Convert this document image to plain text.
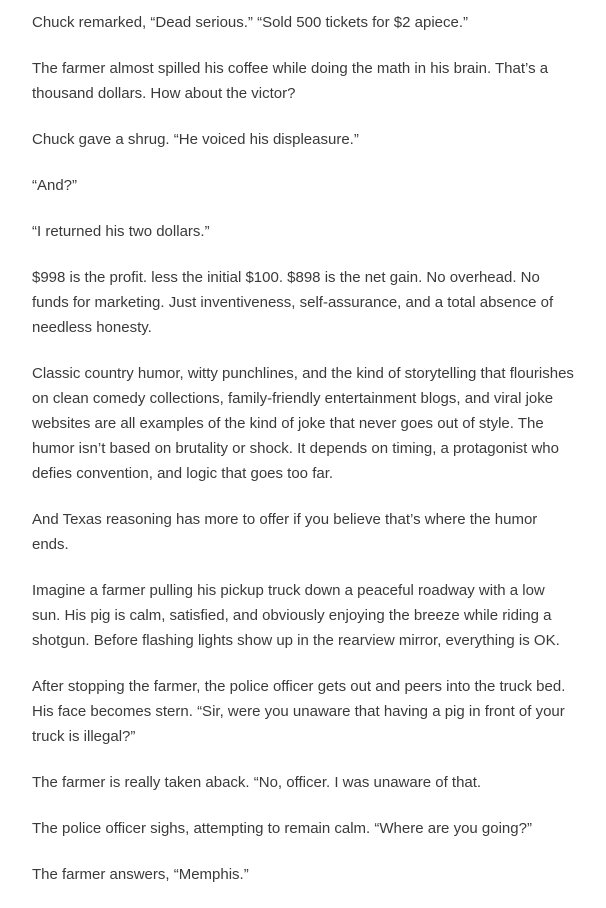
Chuck remarked, “Dead serious.” “Sold 500 tickets for $2 apiece.”

The farmer almost spilled his coffee while doing the math in his brain. That’s a thousand dollars. How about the victor?

Chuck gave a shrug. “He voiced his displeasure.”

“And?”

“I returned his two dollars.”

$998 is the profit. less the initial $100. $898 is the net gain. No overhead. No funds for marketing. Just inventiveness, self-assurance, and a total absence of needless honesty.

Classic country humor, witty punchlines, and the kind of storytelling that flourishes on clean comedy collections, family-friendly entertainment blogs, and viral joke websites are all examples of the kind of joke that never goes out of style. The humor isn’t based on brutality or shock. It depends on timing, a protagonist who defies convention, and logic that goes too far.

And Texas reasoning has more to offer if you believe that’s where the humor ends.

Imagine a farmer pulling his pickup truck down a peaceful roadway with a low sun. His pig is calm, satisfied, and obviously enjoying the breeze while riding a shotgun. Before flashing lights show up in the rearview mirror, everything is OK.

After stopping the farmer, the police officer gets out and peers into the truck bed. His face becomes stern. “Sir, were you unaware that having a pig in front of your truck is illegal?”

The farmer is really taken aback. “No, officer. I was unaware of that.

The police officer sighs, attempting to remain calm. “Where are you going?”

The farmer answers, “Memphis.”
